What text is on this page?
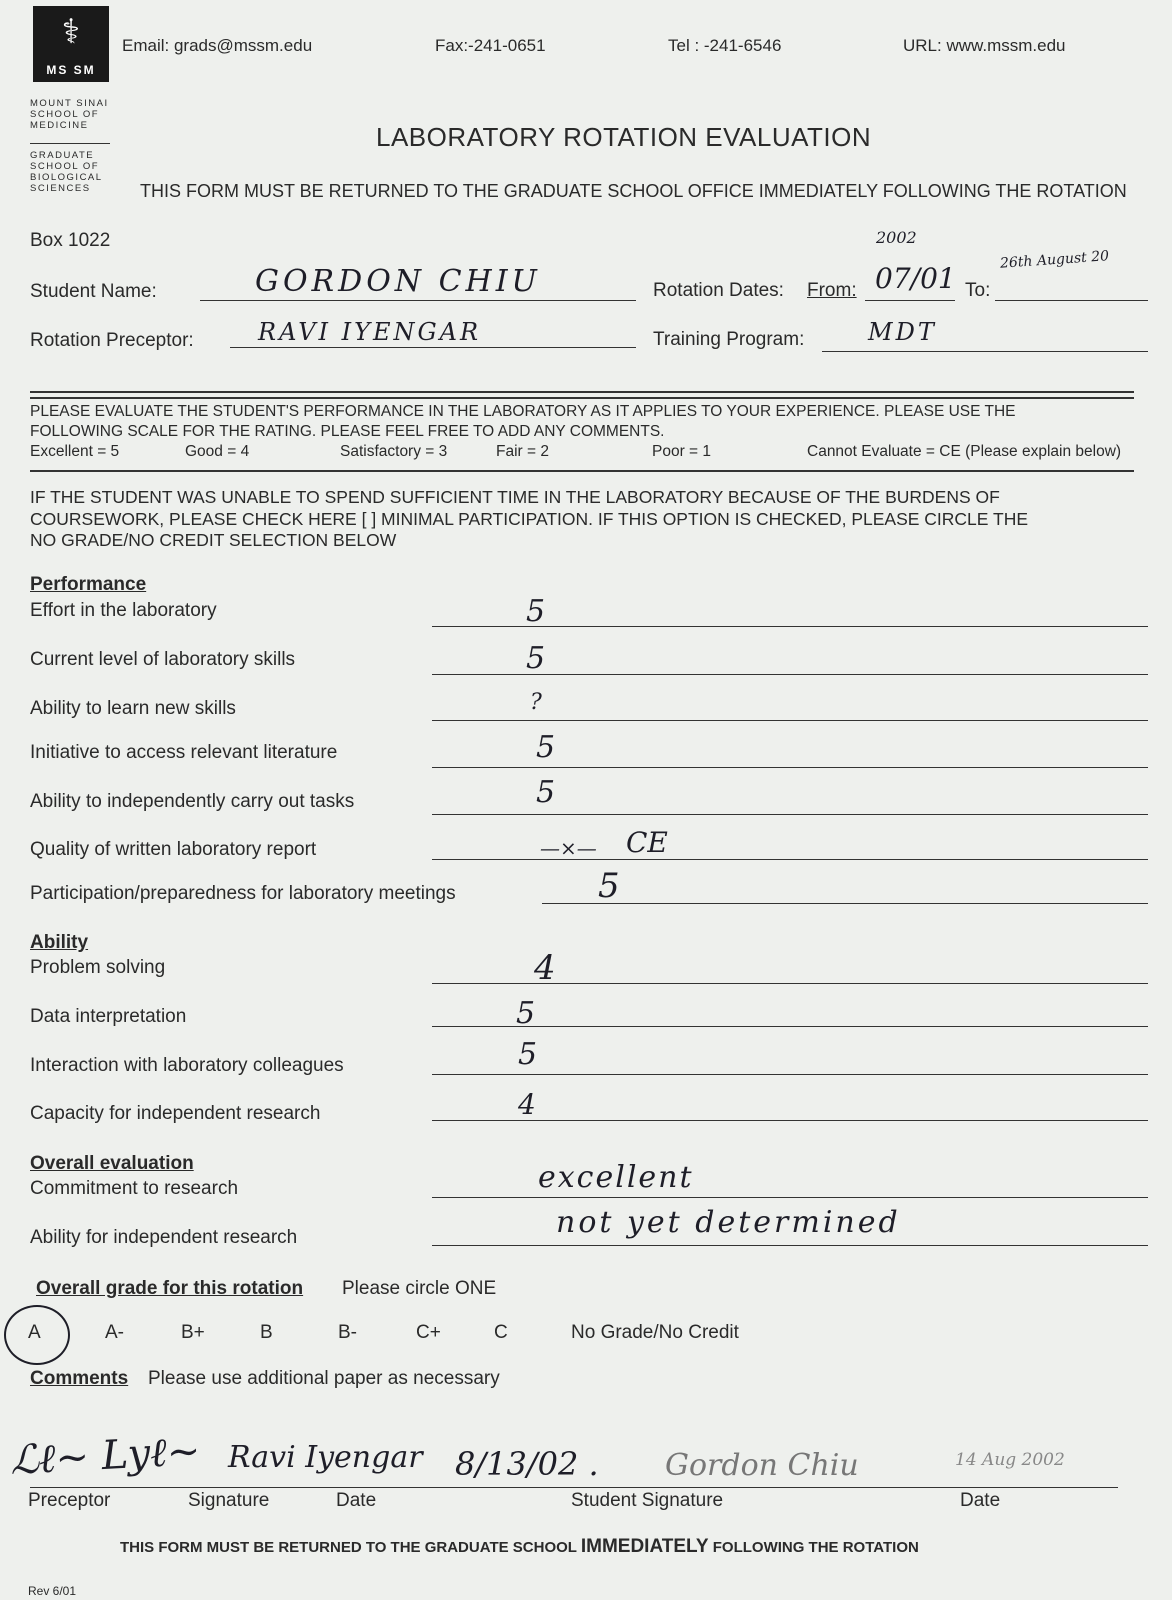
⚕
MS SM
MOUNT SINAI
SCHOOL OF
MEDICINE
GRADUATE
SCHOOL OF
BIOLOGICAL
SCIENCES
Email: grads@mssm.edu	Fax:-241-0651	Tel : -241-6546	URL: www.mssm.edu
LABORATORY ROTATION EVALUATION
THIS FORM MUST BE RETURNED TO THE GRADUATE SCHOOL OFFICE IMMEDIATELY FOLLOWING THE ROTATION
Box 1022
Student Name:	GORDON CHIU	Rotation Dates: From: 07/01
2002
To:
26th August 20
Rotation Preceptor:	RAVI IYENGAR	Training Program:	MDT
PLEASE EVALUATE THE STUDENT'S PERFORMANCE IN THE LABORATORY AS IT APPLIES TO YOUR EXPERIENCE. PLEASE USE THE
FOLLOWING SCALE FOR THE RATING. PLEASE FEEL FREE TO ADD ANY COMMENTS.
Excellent = 5	Good = 4	Satisfactory = 3	Fair = 2	Poor = 1	Cannot Evaluate = CE (Please explain below)
IF THE STUDENT WAS UNABLE TO SPEND SUFFICIENT TIME IN THE LABORATORY BECAUSE OF THE BURDENS OF
COURSEWORK, PLEASE CHECK HERE [ ] MINIMAL PARTICIPATION. IF THIS OPTION IS CHECKED, PLEASE CIRCLE THE
NO GRADE/NO CREDIT SELECTION BELOW
Performance
Effort in the laboratory	5
Current level of laboratory skills	5
Ability to learn new skills	?
Initiative to access relevant literature	5
Ability to independently carry out tasks	5
Quality of written laboratory report	—×— CE
Participation/preparedness for laboratory meetings	5
Ability
Problem solving	4
Data interpretation	5
Interaction with laboratory colleagues	5
Capacity for independent research	4
Overall evaluation
Commitment to research	excellent
Ability for independent research	not yet determined
Overall grade for this rotation Please circle ONE
A	A-	B+	B	B-	C+	C	No Grade/No Credit
Comments Please use additional paper as necessary
ℒℓ~ Lyℓ~ Ravi Iyengar 8/13/02 . Gordon Chiu	14 Aug 2002
Preceptor	Signature	Date	Student Signature	Date
THIS FORM MUST BE RETURNED TO THE GRADUATE SCHOOL IMMEDIATELY FOLLOWING THE ROTATION
Rev 6/01
